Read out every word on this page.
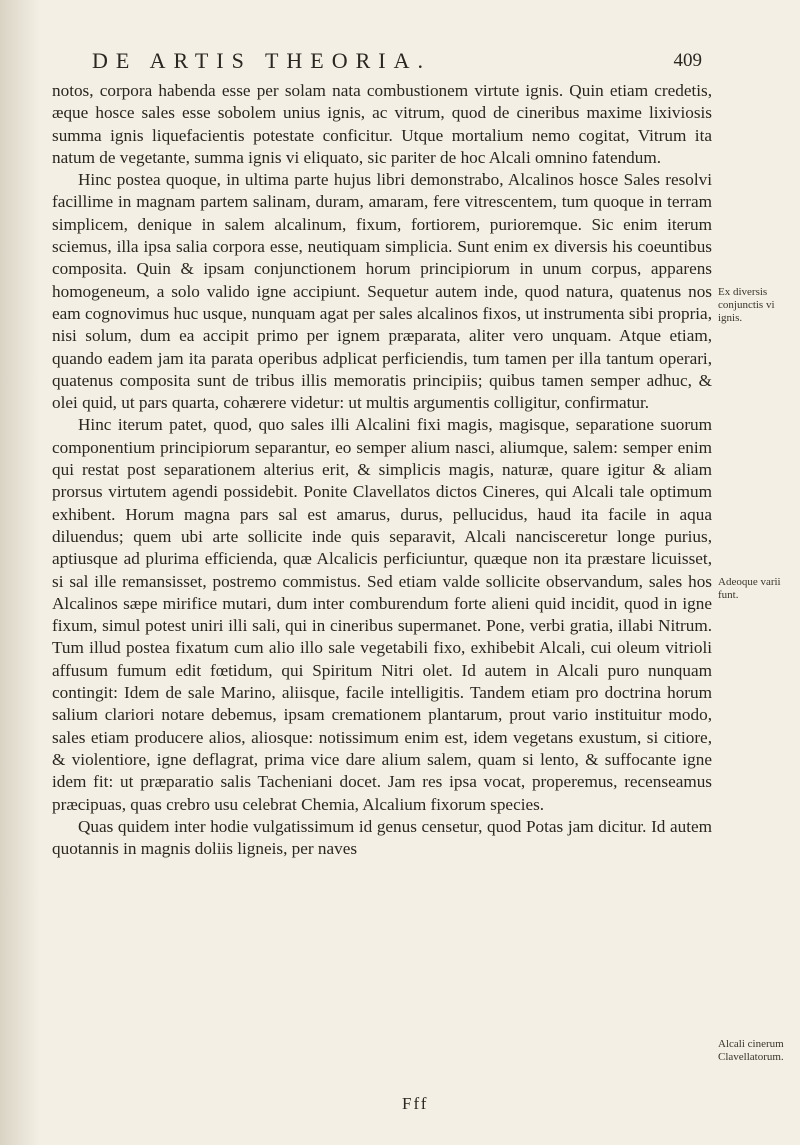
DE ARTIS THEORIA.	409

notos, corpora habenda esse per solam nata combustionem virtute ignis. Quin etiam credetis, æque hosce sales esse sobolem unius ignis, ac vitrum, quod de cineribus maxime lixiviosis summa ignis liquefacientis potestate conficitur. Utque mortalium nemo cogitat, Vitrum ita natum de vegetante, summa ignis vi eliquato, sic pariter de hoc Alcali omnino fatendum.

Hinc postea quoque, in ultima parte hujus libri demonstrabo, Alcalinos hosce Sales resolvi facillime in magnam partem salinam, duram, amaram, fere vitrescentem, tum quoque in terram simplicem, denique in salem alcalinum, fixum, fortiorem, purioremque. Sic enim iterum sciemus, illa ipsa salia corpora esse, neutiquam simplicia. Sunt enim ex diversis his coeuntibus composita. Quin & ipsam conjunctionem horum principiorum in unum corpus, apparens homogeneum, a solo valido igne accipiunt. Sequetur autem inde, quod natura, quatenus nos eam cognovimus huc usque, nunquam agat per sales alcalinos fixos, ut instrumenta sibi propria, nisi solum, dum ea accipit primo per ignem præparata, aliter vero unquam. Atque etiam, quando eadem jam ita parata operibus adplicat perficiendis, tum tamen per illa tantum operari, quatenus composita sunt de tribus illis memoratis principiis; quibus tamen semper adhuc, & olei quid, ut pars quarta, cohærere videtur: ut multis argumentis colligitur, confirmatur.

Hinc iterum patet, quod, quo sales illi Alcalini fixi magis, magisque, separatione suorum componentium principiorum separantur, eo semper alium nasci, aliumque, salem: semper enim qui restat post separationem alterius erit, & simplicis magis, naturæ, quare igitur & aliam prorsus virtutem agendi possidebit. Ponite Clavellatos dictos Cineres, qui Alcali tale optimum exhibent. Horum magna pars sal est amarus, durus, pellucidus, haud ita facile in aqua diluendus; quem ubi arte sollicite inde quis separavit, Alcali nancisceretur longe purius, aptiusque ad plurima efficienda, quæ Alcalicis perficiuntur, quæque non ita præstare licuisset, si sal ille remansisset, postremo commistus. Sed etiam valde sollicite observandum, sales hos Alcalinos sæpe mirifice mutari, dum inter comburendum forte alieni quid incidit, quod in igne fixum, simul potest uniri illi sali, qui in cineribus supermanet. Pone, verbi gratia, illabi Nitrum. Tum illud postea fixatum cum alio illo sale vegetabili fixo, exhibebit Alcali, cui oleum vitrioli affusum fumum edit fœtidum, qui Spiritum Nitri olet. Id autem in Alcali puro nunquam contingit: Idem de sale Marino, aliisque, facile intelligitis. Tandem etiam pro doctrina horum salium clariori notare debemus, ipsam cremationem plantarum, prout vario instituitur modo, sales etiam producere alios, aliosque: notissimum enim est, idem vegetans exustum, si citiore, & violentiore, igne deflagrat, prima vice dare alium salem, quam si lento, & suffocante igne idem fit: ut præparatio salis Tacheniani docet. Jam res ipsa vocat, properemus, recenseamus præcipuas, quas crebro usu celebrat Chemia, Alcalium fixorum species.

Quas quidem inter hodie vulgatissimum id genus censetur, quod Potas jam dicitur. Id autem quotannis in magnis doliis ligneis, per naves

Ex diversis conjunctis vi ignis.
Adeoque varii funt.
Alcali cinerum Clavellatorum.
Fff
